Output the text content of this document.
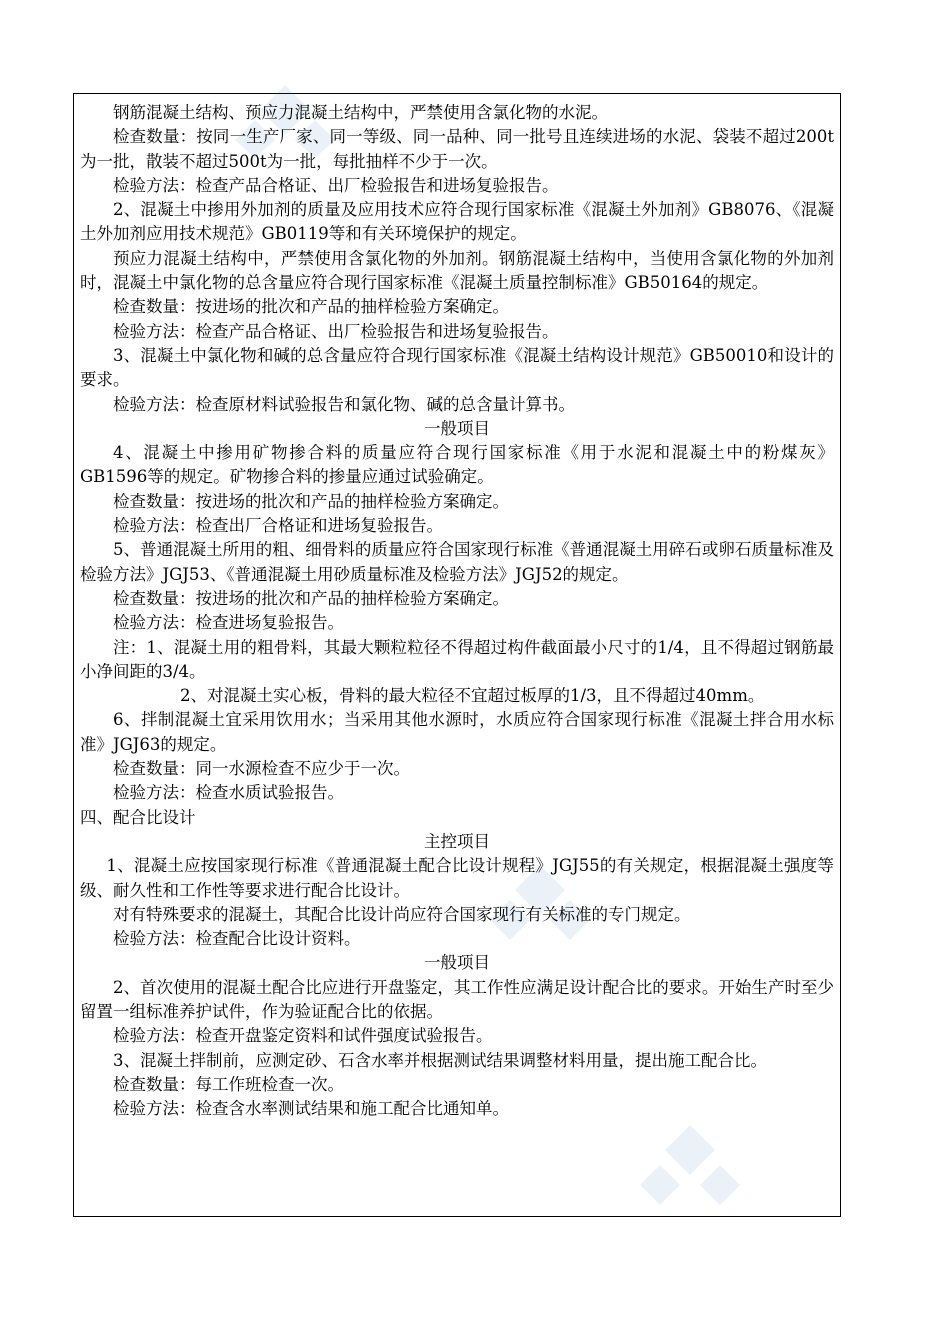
钢筋混凝土结构、预应力混凝土结构中，严禁使用含氯化物的水泥。

检查数量：按同一生产厂家、同一等级、同一品种、同一批号且连续进场的水泥、袋装不超过200t为一批，散装不超过500t为一批，每批抽样不少于一次。

检验方法：检查产品合格证、出厂检验报告和进场复验报告。

2、混凝土中掺用外加剂的质量及应用技术应符合现行国家标准《混凝土外加剂》GB8076、《混凝土外加剂应用技术规范》GB0119等和有关环境保护的规定。

预应力混凝土结构中，严禁使用含氯化物的外加剂。钢筋混凝土结构中，当使用含氯化物的外加剂时，混凝土中氯化物的总含量应符合现行国家标准《混凝土质量控制标准》GB50164的规定。

检查数量：按进场的批次和产品的抽样检验方案确定。

检验方法：检查产品合格证、出厂检验报告和进场复验报告。

3、混凝土中氯化物和碱的总含量应符合现行国家标准《混凝土结构设计规范》GB50010和设计的要求。

检验方法：检查原材料试验报告和氯化物、碱的总含量计算书。

一般项目

4、混凝土中掺用矿物掺合料的质量应符合现行国家标准《用于水泥和混凝土中的粉煤灰》GB1596等的规定。矿物掺合料的掺量应通过试验确定。

检查数量：按进场的批次和产品的抽样检验方案确定。

检验方法：检查出厂合格证和进场复验报告。

5、普通混凝土所用的粗、细骨料的质量应符合国家现行标准《普通混凝土用碎石或卵石质量标准及检验方法》JGJ53、《普通混凝土用砂质量标准及检验方法》JGJ52的规定。

检查数量：按进场的批次和产品的抽样检验方案确定。

检验方法：检查进场复验报告。

注：1、混凝土用的粗骨料，其最大颗粒粒径不得超过构件截面最小尺寸的1/4，且不得超过钢筋最小净间距的3/4。

2、对混凝土实心板，骨料的最大粒径不宜超过板厚的1/3，且不得超过40mm。

6、拌制混凝土宜采用饮用水；当采用其他水源时，水质应符合国家现行标准《混凝土拌合用水标准》JGJ63的规定。

检查数量：同一水源检查不应少于一次。

检验方法：检查水质试验报告。

四、配合比设计

主控项目

1、混凝土应按国家现行标准《普通混凝土配合比设计规程》JGJ55的有关规定，根据混凝土强度等级、耐久性和工作性等要求进行配合比设计。

对有特殊要求的混凝土，其配合比设计尚应符合国家现行有关标准的专门规定。

检验方法：检查配合比设计资料。

一般项目

2、首次使用的混凝土配合比应进行开盘鉴定，其工作性应满足设计配合比的要求。开始生产时至少留置一组标准养护试件，作为验证配合比的依据。

检验方法：检查开盘鉴定资料和试件强度试验报告。

3、混凝土拌制前，应测定砂、石含水率并根据测试结果调整材料用量，提出施工配合比。

检查数量：每工作班检查一次。

检验方法：检查含水率测试结果和施工配合比通知单。
